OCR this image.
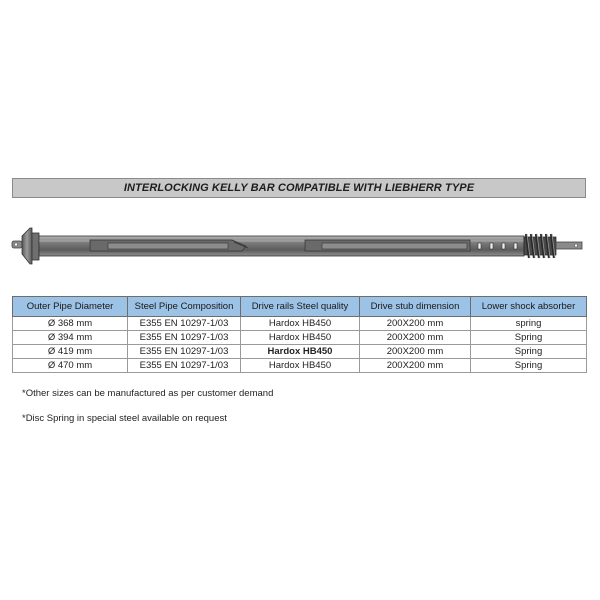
INTERLOCKING KELLY BAR COMPATIBLE WITH LIEBHERR TYPE
Outer Pipe Diameter	Steel Pipe Composition	Drive rails Steel quality	Drive stub dimension	Lower shock absorber
Ø 368 mm	E355 EN 10297-1/03	Hardox HB450	200X200 mm	spring
Ø 394 mm	E355 EN 10297-1/03	Hardox HB450	200X200 mm	Spring
Ø 419 mm	E355 EN 10297-1/03	Hardox HB450	200X200 mm	Spring
Ø 470 mm	E355 EN 10297-1/03	Hardox HB450	200X200 mm	Spring
*Other sizes can be manufactured as per customer demand
*Disc Spring in special steel available on request
